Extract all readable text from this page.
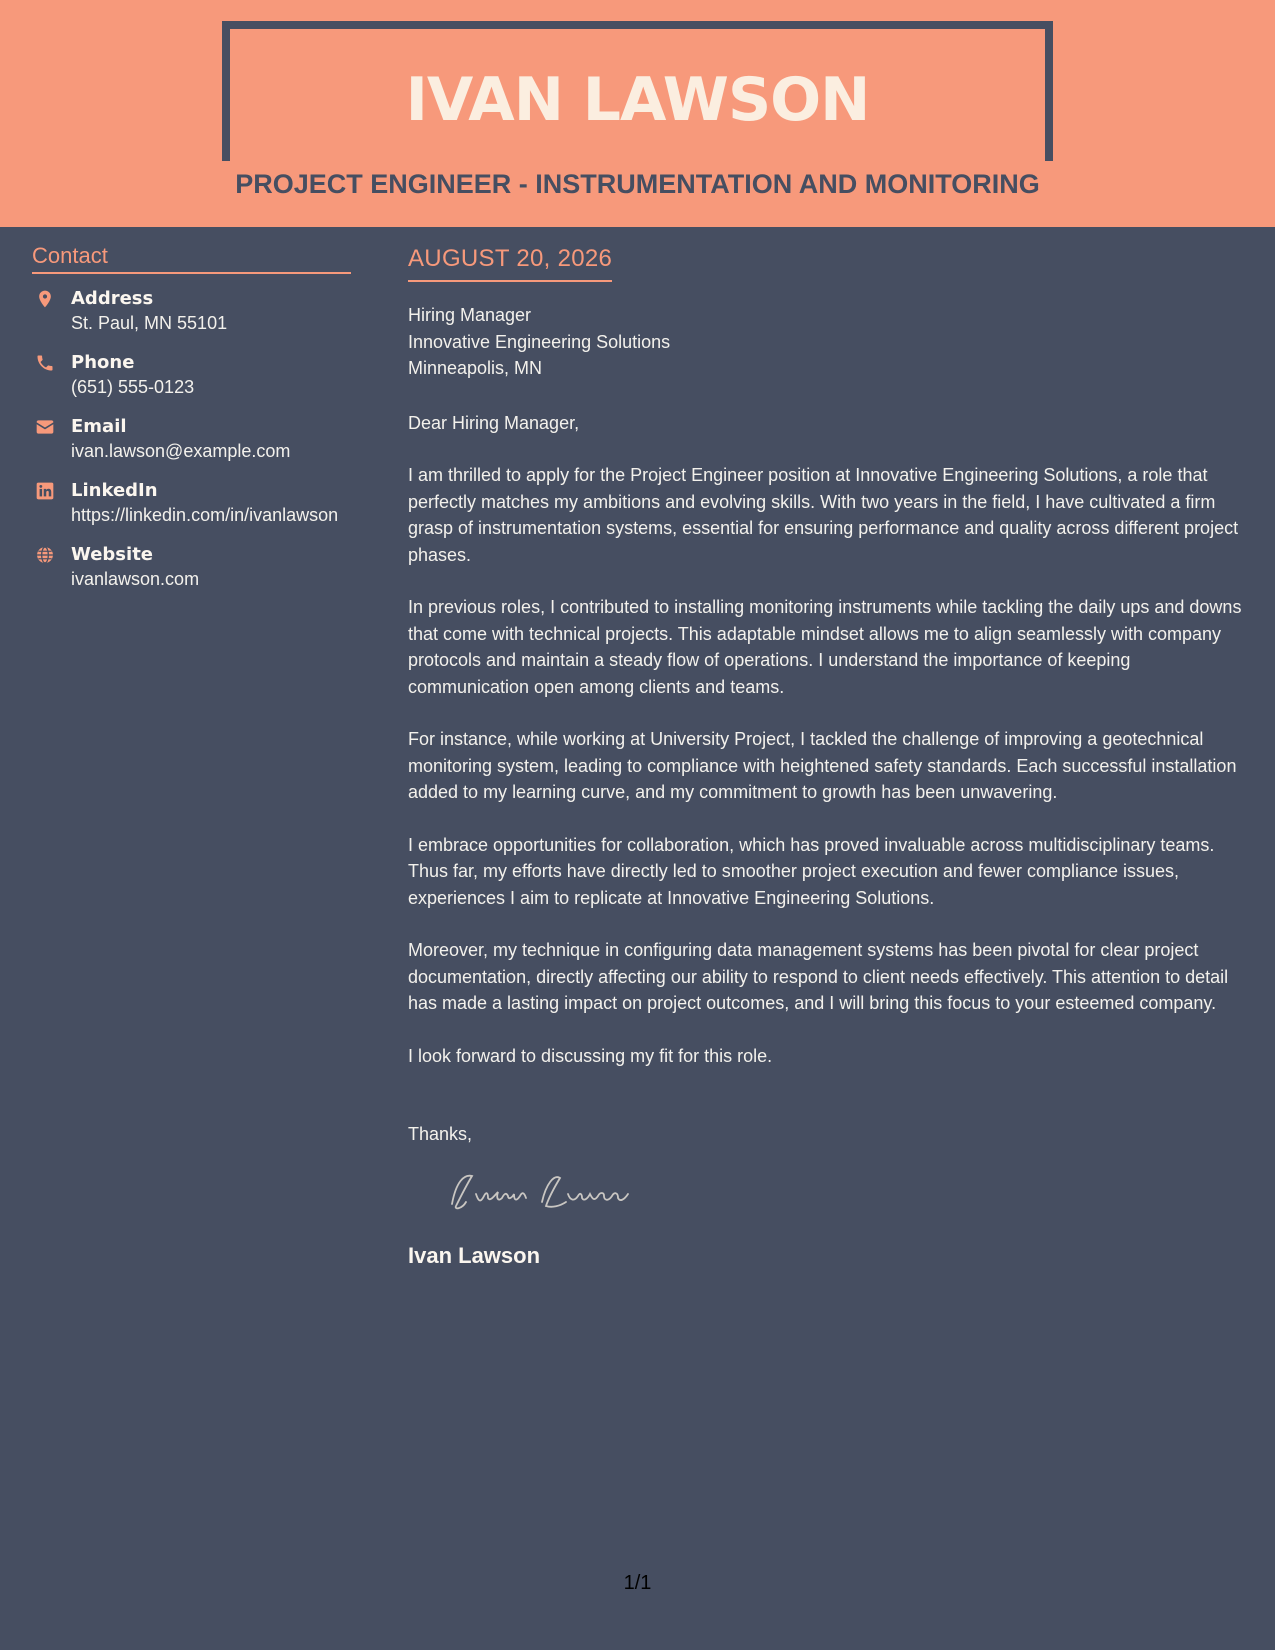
IVAN LAWSON
PROJECT ENGINEER - INSTRUMENTATION AND MONITORING
Contact
Address
St. Paul, MN 55101
Phone
(651) 555-0123
Email
ivan.lawson@example.com
LinkedIn
https://linkedin.com/in/ivanlawson
Website
ivanlawson.com
AUGUST 20, 2026
Hiring Manager
Innovative Engineering Solutions
Minneapolis, MN
Dear Hiring Manager,
I am thrilled to apply for the Project Engineer position at Innovative Engineering Solutions, a role that perfectly matches my ambitions and evolving skills. With two years in the field, I have cultivated a firm grasp of instrumentation systems, essential for ensuring performance and quality across different project phases.
In previous roles, I contributed to installing monitoring instruments while tackling the daily ups and downs that come with technical projects. This adaptable mindset allows me to align seamlessly with company protocols and maintain a steady flow of operations. I understand the importance of keeping communication open among clients and teams.
For instance, while working at University Project, I tackled the challenge of improving a geotechnical monitoring system, leading to compliance with heightened safety standards. Each successful installation added to my learning curve, and my commitment to growth has been unwavering.
I embrace opportunities for collaboration, which has proved invaluable across multidisciplinary teams. Thus far, my efforts have directly led to smoother project execution and fewer compliance issues, experiences I aim to replicate at Innovative Engineering Solutions.
Moreover, my technique in configuring data management systems has been pivotal for clear project documentation, directly affecting our ability to respond to client needs effectively. This attention to detail has made a lasting impact on project outcomes, and I will bring this focus to your esteemed company.
I look forward to discussing my fit for this role.
Thanks,
Ivan Lawson
1/1
